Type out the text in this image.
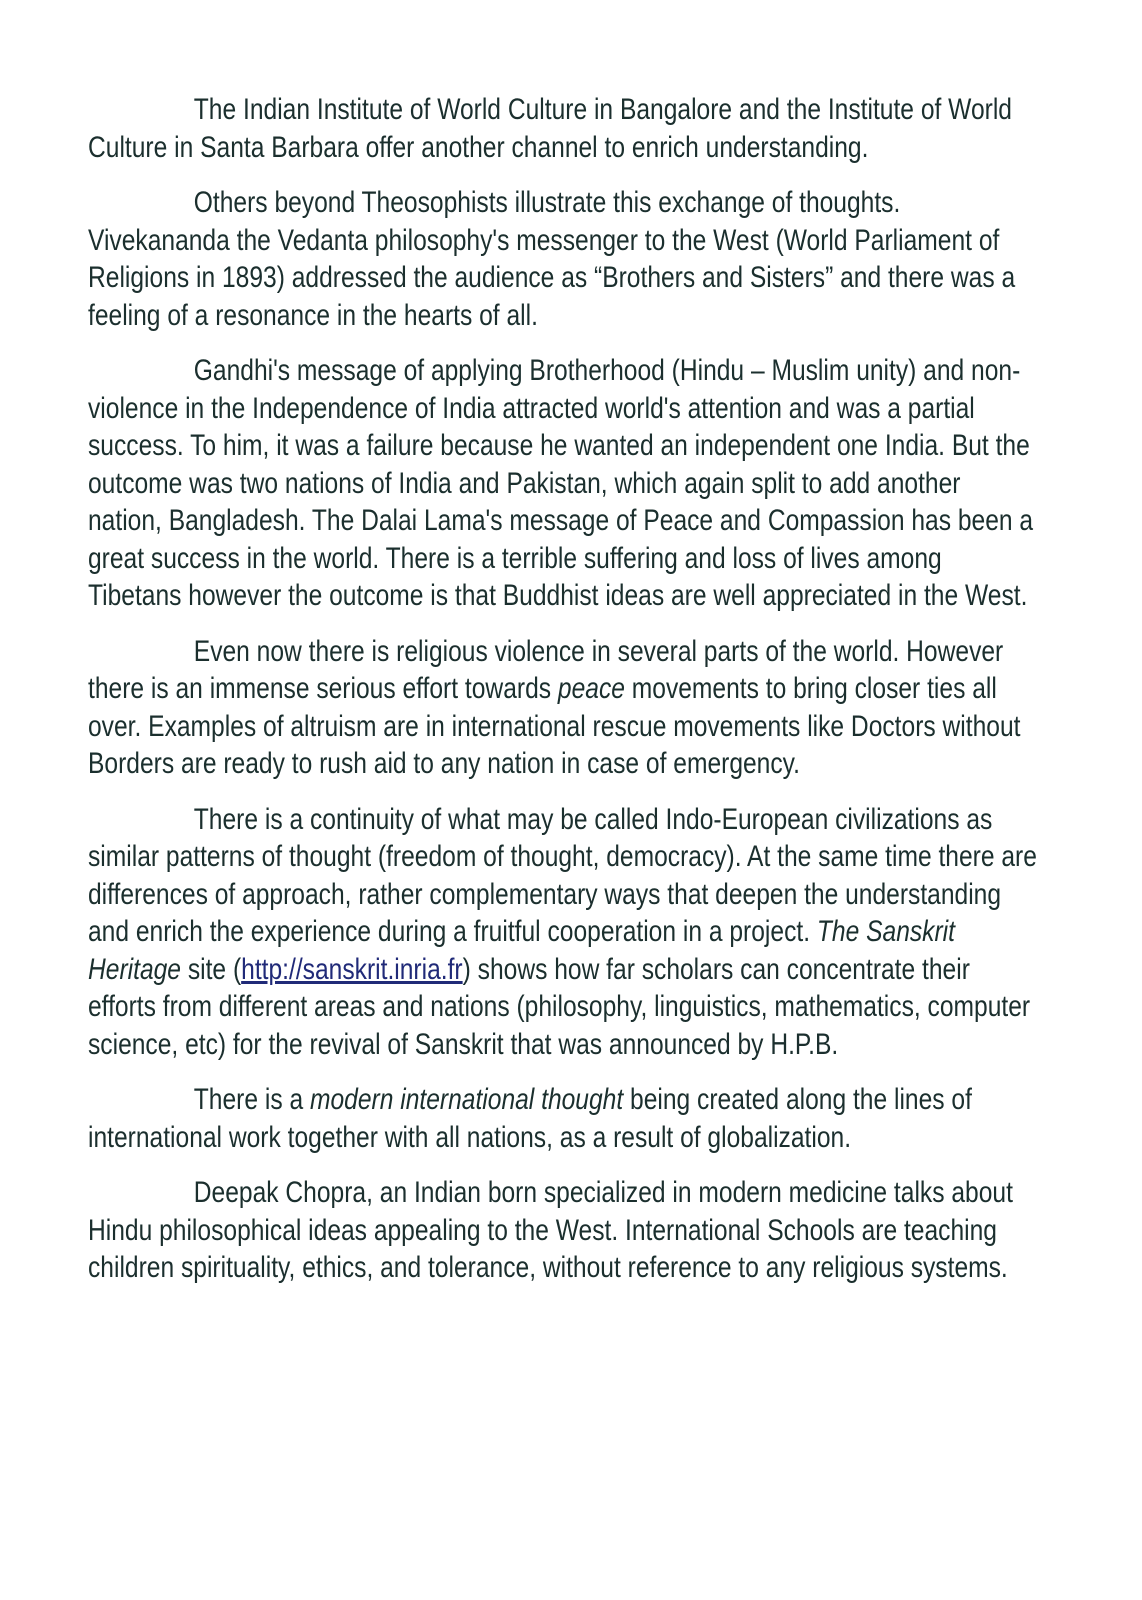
The Indian Institute of World Culture in Bangalore and the Institute of World Culture in Santa Barbara offer another channel to enrich understanding.

Others beyond Theosophists illustrate this exchange of thoughts. Vivekananda the Vedanta philosophy's messenger to the West (World Parliament of Religions in 1893) addressed the audience as “Brothers and Sisters” and there was a feeling of a resonance in the hearts of all.

Gandhi's message of applying Brotherhood (Hindu – Muslim unity) and non-violence in the Independence of India attracted world's attention and was a partial success. To him, it was a failure because he wanted an independent one India. But the outcome was two nations of India and Pakistan, which again split to add another nation, Bangladesh. The Dalai Lama's message of Peace and Compassion has been a great success in the world. There is a terrible suffering and loss of lives among Tibetans however the outcome is that Buddhist ideas are well appreciated in the West.

Even now there is religious violence in several parts of the world. However there is an immense serious effort towards peace movements to bring closer ties all over. Examples of altruism are in international rescue movements like Doctors without Borders are ready to rush aid to any nation in case of emergency.

There is a continuity of what may be called Indo-European civilizations as similar patterns of thought (freedom of thought, democracy). At the same time there are differences of approach, rather complementary ways that deepen the understanding and enrich the experience during a fruitful cooperation in a project. The Sanskrit Heritage site (http://sanskrit.inria.fr) shows how far scholars can concentrate their efforts from different areas and nations (philosophy, linguistics, mathematics, computer science, etc) for the revival of Sanskrit that was announced by H.P.B.

There is a modern international thought being created along the lines of international work together with all nations, as a result of globalization.

Deepak Chopra, an Indian born specialized in modern medicine talks about Hindu philosophical ideas appealing to the West. International Schools are teaching children spirituality, ethics, and tolerance, without reference to any religious systems.
